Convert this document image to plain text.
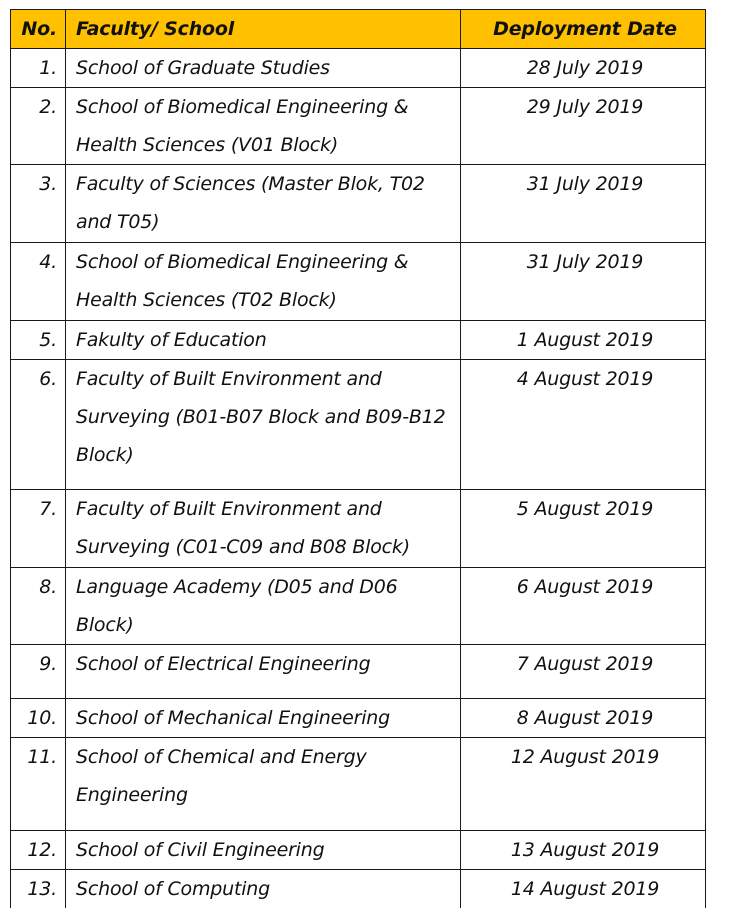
No.	Faculty/ School	Deployment Date
1.	School of Graduate Studies	28 July 2019
2.	School of Biomedical Engineering & Health Sciences (V01 Block)	29 July 2019
3.	Faculty of Sciences (Master Blok, T02 and T05)	31 July 2019
4.	School of Biomedical Engineering & Health Sciences (T02 Block)	31 July 2019
5.	Fakulty of Education	1 August 2019
6.	Faculty of Built Environment and Surveying (B01-B07 Block and B09-B12 Block)	4 August 2019
7.	Faculty of Built Environment and Surveying (C01-C09 and B08 Block)	5 August 2019
8.	Language Academy (D05 and D06 Block)	6 August 2019
9.	School of Electrical Engineering	7 August 2019
10.	School of Mechanical Engineering	8 August 2019
11.	School of Chemical and Energy Engineering	12 August 2019
12.	School of Civil Engineering	13 August 2019
13.	School of Computing	14 August 2019
